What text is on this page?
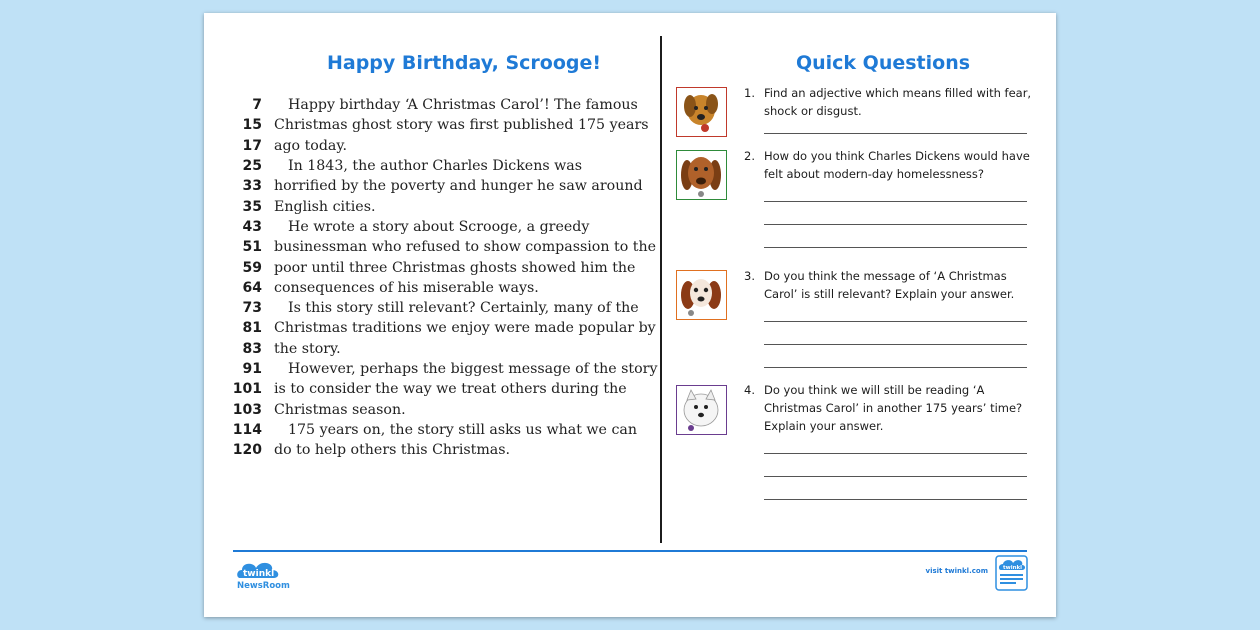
Happy Birthday, Scrooge!	Quick Questions
7	Happy birthday ‘A Christmas Carol’! The famous
15 Christmas ghost story was first published 175 years
17 ago today.
25	In 1843, the author Charles Dickens was
33 horrified by the poverty and hunger he saw around
35 English cities.
43	He wrote a story about Scrooge, a greedy
51 businessman who refused to show compassion to the
59 poor until three Christmas ghosts showed him the
64 consequences of his miserable ways.
73	Is this story still relevant? Certainly, many of the
81 Christmas traditions we enjoy were made popular by
83 the story.
91	However, perhaps the biggest message of the story
101 is to consider the way we treat others during the
103 Christmas season.
114	175 years on, the story still asks us what we can
120 do to help others this Christmas.
1. Find an adjective which means filled with fear, shock or disgust.
2. How do you think Charles Dickens would have felt about modern-day homelessness?
3. Do you think the message of ‘A Christmas Carol’ is still relevant? Explain your answer.
4. Do you think we will still be reading ‘A Christmas Carol’ in another 175 years’ time? Explain your answer.
twinkl
NewsRoom
visit twinkl.com	twinkl
